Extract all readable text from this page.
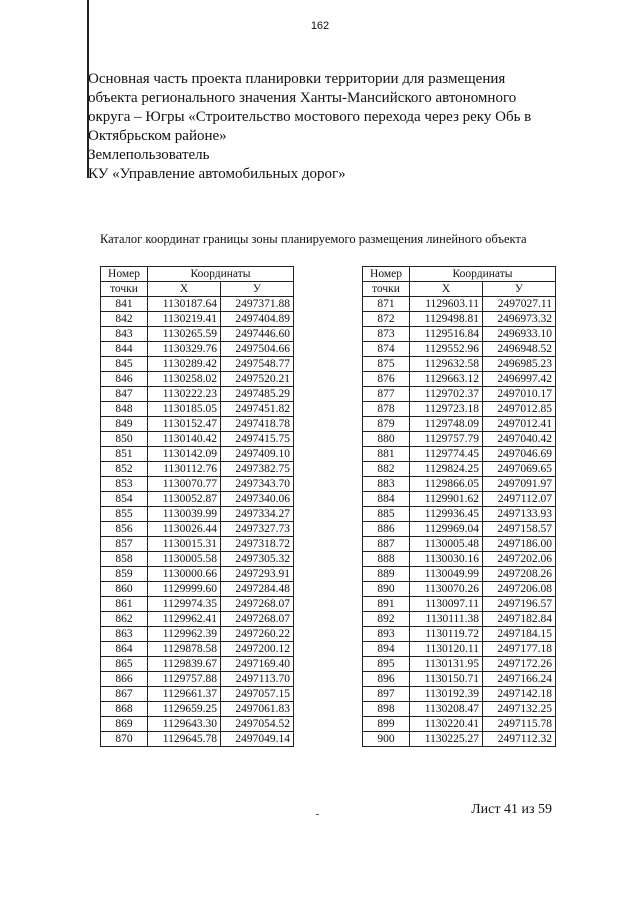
162
Основная часть проекта планировки территории для размещения
объекта регионального значения Ханты-Мансийского автономного
округа – Югры «Строительство мостового перехода через реку Обь в
Октябрьском районе»
Землепользователь
КУ «Управление автомобильных дорог»
Каталог координат границы зоны планируемого размещения линейного объекта
Номер	Координаты	
точки	X	У
841	1130187.64	2497371.88
842	1130219.41	2497404.89
843	1130265.59	2497446.60
844	1130329.76	2497504.66
845	1130289.42	2497548.77
846	1130258.02	2497520.21
847	1130222.23	2497485.29
848	1130185.05	2497451.82
849	1130152.47	2497418.78
850	1130140.42	2497415.75
851	1130142.09	2497409.10
852	1130112.76	2497382.75
853	1130070.77	2497343.70
854	1130052.87	2497340.06
855	1130039.99	2497334.27
856	1130026.44	2497327.73
857	1130015.31	2497318.72
858	1130005.58	2497305.32
859	1130000.66	2497293.91
860	1129999.60	2497284.48
861	1129974.35	2497268.07
862	1129962.41	2497268.07
863	1129962.39	2497260.22
864	1129878.58	2497200.12
865	1129839.67	2497169.40
866	1129757.88	2497113.70
867	1129661.37	2497057.15
868	1129659.25	2497061.83
869	1129643.30	2497054.52
870	1129645.78	2497049.14
Номер	Координаты	
точки	X	У
871	1129603.11	2497027.11
872	1129498.81	2496973.32
873	1129516.84	2496933.10
874	1129552.96	2496948.52
875	1129632.58	2496985.23
876	1129663.12	2496997.42
877	1129702.37	2497010.17
878	1129723.18	2497012.85
879	1129748.09	2497012.41
880	1129757.79	2497040.42
881	1129774.45	2497046.69
882	1129824.25	2497069.65
883	1129866.05	2497091.97
884	1129901.62	2497112.07
885	1129936.45	2497133.93
886	1129969.04	2497158.57
887	1130005.48	2497186.00
888	1130030.16	2497202.06
889	1130049.99	2497208.26
890	1130070.26	2497206.08
891	1130097.11	2497196.57
892	1130111.38	2497182.84
893	1130119.72	2497184.15
894	1130120.11	2497177.18
895	1130131.95	2497172.26
896	1130150.71	2497166.24
897	1130192.39	2497142.18
898	1130208.47	2497132.25
899	1130220.41	2497115.78
900	1130225.27	2497112.32
Лист 41 из 59
